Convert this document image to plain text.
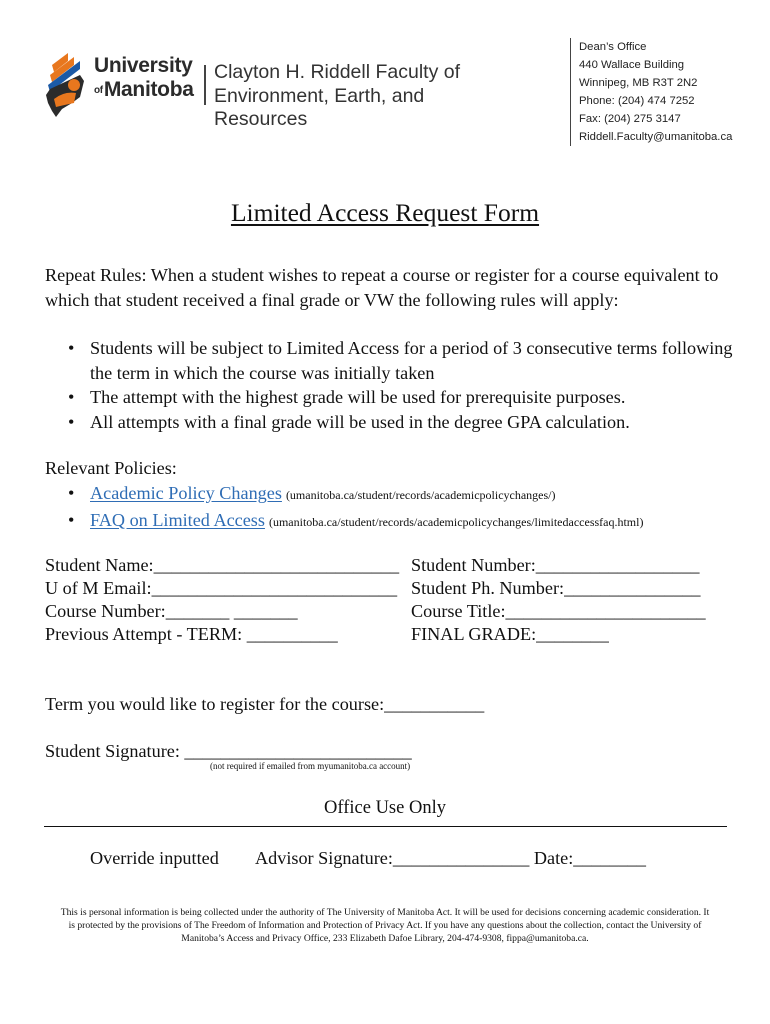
University
ofManitoba
Clayton H. Riddell Faculty of
Environment, Earth, and Resources
Dean’s Office
440 Wallace Building
Winnipeg, MB R3T 2N2
Phone: (204) 474 7252
Fax: (204) 275 3147
Riddell.Faculty@umanitoba.ca
Limited Access Request Form
Repeat Rules: When a student wishes to repeat a course or register for a course equivalent to which that student received a final grade or VW the following rules will apply:
• Students will be subject to Limited Access for a period of 3 consecutive terms following the term in which the course was initially taken
• The attempt with the highest grade will be used for prerequisite purposes.
• All attempts with a final grade will be used in the degree GPA calculation.
Relevant Policies:
• Academic Policy Changes (umanitoba.ca/student/records/academicpolicychanges/)
• FAQ on Limited Access (umanitoba.ca/student/records/academicpolicychanges/limitedaccessfaq.html)
Student Name:___________________________ Student Number:__________________
U of M Email:___________________________ Student Ph. Number:_______________
Course Number:_______ _______	Course Title:______________________
Previous Attempt - TERM: __________	FINAL GRADE:________
Term you would like to register for the course:___________
Student Signature: _________________________
(not required if emailed from myumanitoba.ca account)
Office Use Only
Override inputted Advisor Signature:_______________ Date:________
This is personal information is being collected under the authority of The University of Manitoba Act. It will be used for decisions concerning academic consideration. It is protected by the provisions of The Freedom of Information and Protection of Privacy Act. If you have any questions about the collection, contact the University of Manitoba’s Access and Privacy Office, 233 Elizabeth Dafoe Library, 204-474-9308, fippa@umanitoba.ca.
